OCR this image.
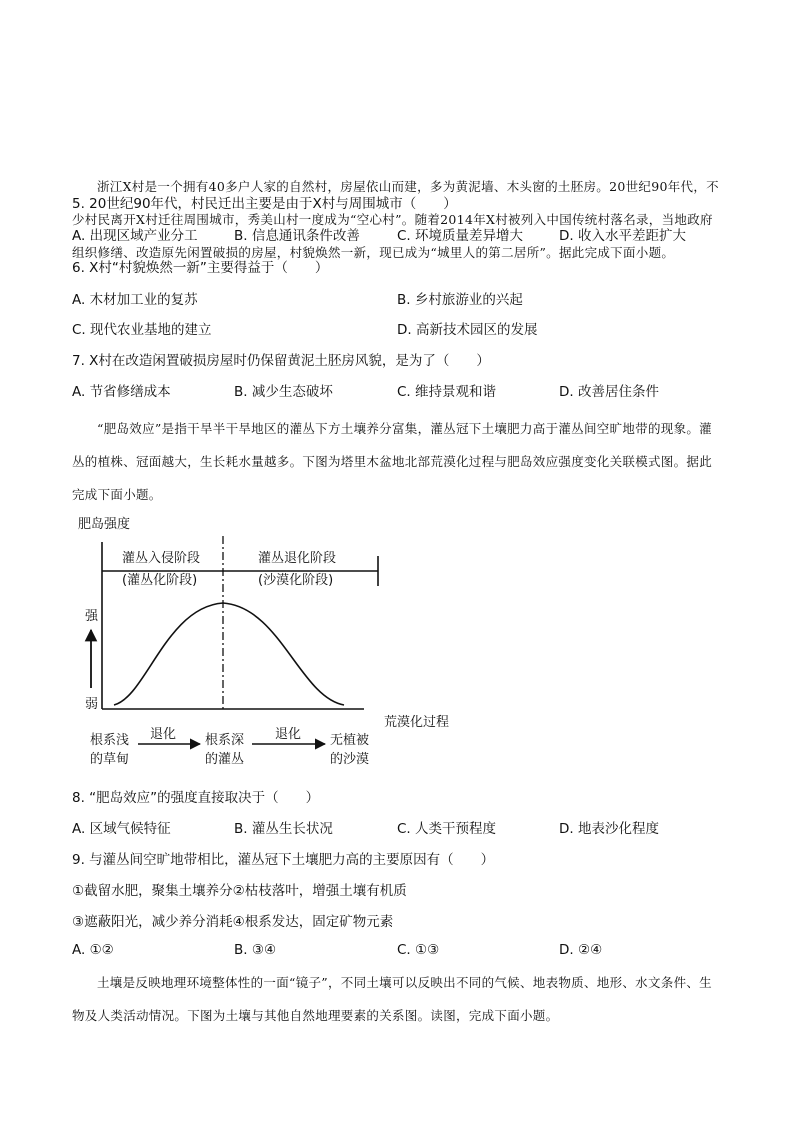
浙江X村是一个拥有40多户人家的自然村，房屋依山而建，多为黄泥墙、木头窗的土胚房。20世纪90年代，不少村民离开X村迁往周围城市，秀美山村一度成为“空心村”。随着2014年X村被列入中国传统村落名录，当地政府组织修缮、改造原先闲置破损的房屋，村貌焕然一新，现已成为“城里人的第二居所”。据此完成下面小题。

5. 20世纪90年代，村民迁出主要是由于X村与周围城市（　　）
A. 出现区域产业分工	B. 信息通讯条件改善	C. 环境质量差异增大	D. 收入水平差距扩大
6. X村“村貌焕然一新”主要得益于（　　）
A. 木材加工业的复苏	B. 乡村旅游业的兴起
C. 现代农业基地的建立	D. 高新技术园区的发展
7. X村在改造闲置破损房屋时仍保留黄泥土胚房风貌，是为了（　　）
A. 节省修缮成本	B. 减少生态破坏	C. 维持景观和谐	D. 改善居住条件

“肥岛效应”是指干旱半干旱地区的灌丛下方土壤养分富集，灌丛冠下土壤肥力高于灌丛间空旷地带的现象。灌丛的植株、冠面越大，生长耗水量越多。下图为塔里木盆地北部荒漠化过程与肥岛效应强度变化关联模式图。据此完成下面小题。

肥岛强度
荒漠化过程
灌丛入侵阶段
(灌丛化阶段)
灌丛退化阶段
(沙漠化阶段)
强
弱
根系浅
的草甸
退化 根系深
的灌丛
退化 无植被
的沙漠
8. “肥岛效应”的强度直接取决于（　　）
A. 区域气候特征	B. 灌丛生长状况	C. 人类干预程度	D. 地表沙化程度
9. 与灌丛间空旷地带相比，灌丛冠下土壤肥力高的主要原因有（　　）
①截留水肥，聚集土壤养分②枯枝落叶，增强土壤有机质
③遮蔽阳光，减少养分消耗④根系发达，固定矿物元素
A. ①②	B. ③④	C. ①③	D. ②④

土壤是反映地理环境整体性的一面“镜子”，不同土壤可以反映出不同的气候、地表物质、地形、水文条件、生物及人类活动情况。下图为土壤与其他自然地理要素的关系图。读图，完成下面小题。
